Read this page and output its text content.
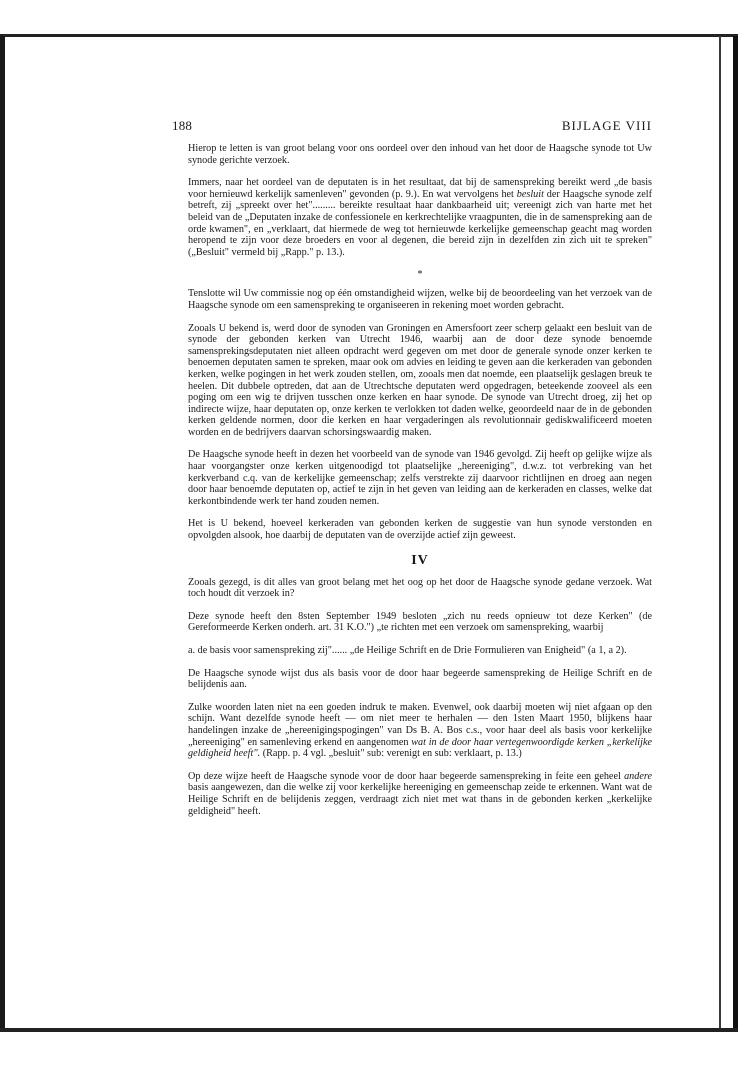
188	BIJLAGE VIII

Hierop te letten is van groot belang voor ons oordeel over den inhoud van het door de Haagsche synode tot Uw synode gerichte verzoek.

Immers, naar het oordeel van de deputaten is in het resultaat, dat bij de samenspreking bereikt werd „de basis voor hernieuwd kerkelijk samenleven" gevonden (p. 9.). En wat vervolgens het besluit der Haagsche synode zelf betreft, zij „spreekt over het"......... bereikte resultaat haar dankbaarheid uit; vereenigt zich van harte met het beleid van de „Deputaten inzake de confessionele en kerkrechtelijke vraagpunten, die in de samenspreking aan de orde kwamen", en „verklaart, dat hiermede de weg tot hernieuwde kerkelijke gemeenschap geacht mag worden heropend te zijn voor deze broeders en voor al degenen, die bereid zijn in dezelfden zin zich uit te spreken" („Besluit" vermeld bij „Rapp." p. 13.).

*

Tenslotte wil Uw commissie nog op één omstandigheid wijzen, welke bij de beoordeeling van het verzoek van de Haagsche synode om een samenspreking te organiseeren in rekening moet worden gebracht.

Zooals U bekend is, werd door de synoden van Groningen en Amersfoort zeer scherp gelaakt een besluit van de synode der gebonden kerken van Utrecht 1946, waarbij aan de door deze synode benoemde samensprekingsdeputaten niet alleen opdracht werd gegeven om met door de generale synode onzer kerken te benoemen deputaten samen te spreken, maar ook om advies en leiding te geven aan die kerkeraden van gebonden kerken, welke pogingen in het werk zouden stellen, om, zooals men dat noemde, een plaatselijk geslagen breuk te heelen. Dit dubbele optreden, dat aan de Utrechtsche deputaten werd opgedragen, beteekende zooveel als een poging om een wig te drijven tusschen onze kerken en haar synode. De synode van Utrecht droeg, zij het op indirecte wijze, haar deputaten op, onze kerken te verlokken tot daden welke, geoordeeld naar de in de gebonden kerken geldende normen, door die kerken en haar vergaderingen als revolutionnair gediskwalificeerd moeten worden en de bedrijvers daarvan schorsingswaardig maken.

De Haagsche synode heeft in dezen het voorbeeld van de synode van 1946 gevolgd. Zij heeft op gelijke wijze als haar voorgangster onze kerken uitgenoodigd tot plaatselijke „hereeniging", d.w.z. tot verbreking van het kerkverband c.q. van de kerkelijke gemeenschap; zelfs verstrekte zij daarvoor richtlijnen en droeg aan negen door haar benoemde deputaten op, actief te zijn in het geven van leiding aan de kerkeraden en classes, welke dat kerkontbindende werk ter hand zouden nemen.

Het is U bekend, hoeveel kerkeraden van gebonden kerken de suggestie van hun synode verstonden en opvolgden alsook, hoe daarbij de deputaten van de overzijde actief zijn geweest.

IV

Zooals gezegd, is dit alles van groot belang met het oog op het door de Haagsche synode gedane verzoek. Wat toch houdt dit verzoek in?

Deze synode heeft den 8sten September 1949 besloten „zich nu reeds opnieuw tot deze Kerken" (de Gereformeerde Kerken onderh. art. 31 K.O.") „te richten met een verzoek om samenspreking, waarbij

a. de basis voor samenspreking zij"...... „de Heilige Schrift en de Drie Formulieren van Enigheid" (a 1, a 2).

De Haagsche synode wijst dus als basis voor de door haar begeerde samenspreking de Heilige Schrift en de belijdenis aan.

Zulke woorden laten niet na een goeden indruk te maken. Evenwel, ook daarbij moeten wij niet afgaan op den schijn. Want dezelfde synode heeft — om niet meer te herhalen — den 1sten Maart 1950, blijkens haar handelingen inzake de „hereenigingspogingen" van Ds B. A. Bos c.s., voor haar deel als basis voor kerkelijke „hereeniging" en samenleving erkend en aangenomen wat in de door haar vertegenwoordigde kerken „kerkelijke geldigheid heeft". (Rapp. p. 4 vgl. „besluit" sub: verenigt en sub: verklaart, p. 13.)

Op deze wijze heeft de Haagsche synode voor de door haar begeerde samenspreking in feite een geheel andere basis aangewezen, dan die welke zij voor kerkelijke hereeniging en gemeenschap zeide te erkennen. Want wat de Heilige Schrift en de belijdenis zeggen, verdraagt zich niet met wat thans in de gebonden kerken „kerkelijke geldigheid" heeft.
